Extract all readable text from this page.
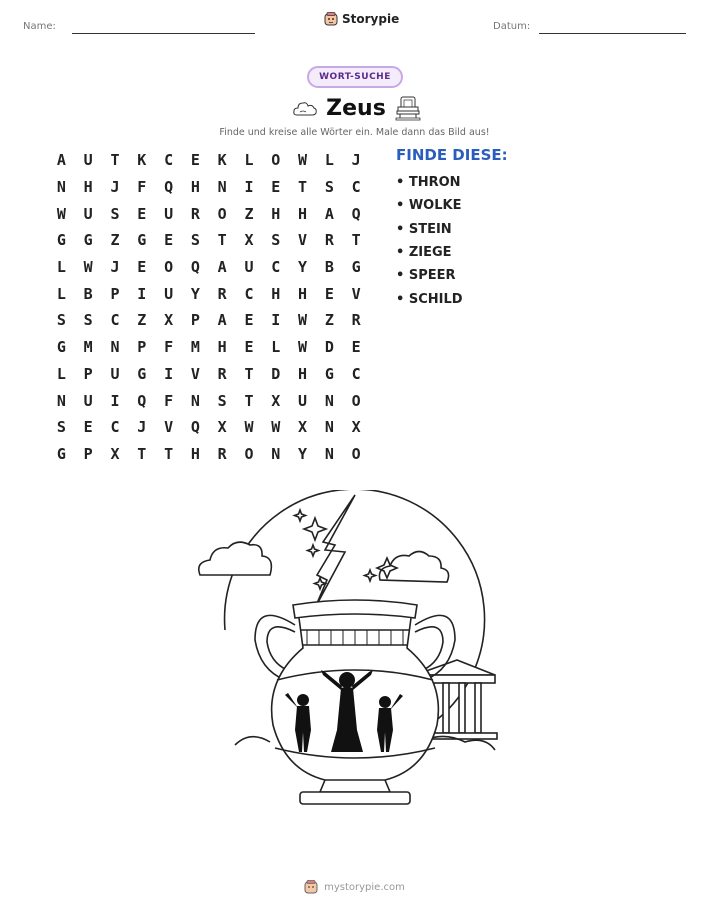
Name:
Storypie
Datum:
WORT-SUCHE
Zeus
Finde und kreise alle Wörter ein. Male dann das Bild aus!
A	U	T	K	C	E	K	L	O	W	L	J
N	H	J	F	Q	H	N	I	E	T	S	C
W	U	S	E	U	R	O	Z	H	H	A	Q
G	G	Z	G	E	S	T	X	S	V	R	T
L	W	J	E	O	Q	A	U	C	Y	B	G
L	B	P	I	U	Y	R	C	H	H	E	V
S	S	C	Z	X	P	A	E	I	W	Z	R
G	M	N	P	F	M	H	E	L	W	D	E
L	P	U	G	I	V	R	T	D	H	G	C
N	U	I	Q	F	N	S	T	X	U	N	O
S	E	C	J	V	Q	X	W	W	X	N	X
G	P	X	T	T	H	R	O	N	Y	N	O
FINDE DIESE:
• THRON
• WOLKE
• STEIN
• ZIEGE
• SPEER
• SCHILD
mystorypie.com
